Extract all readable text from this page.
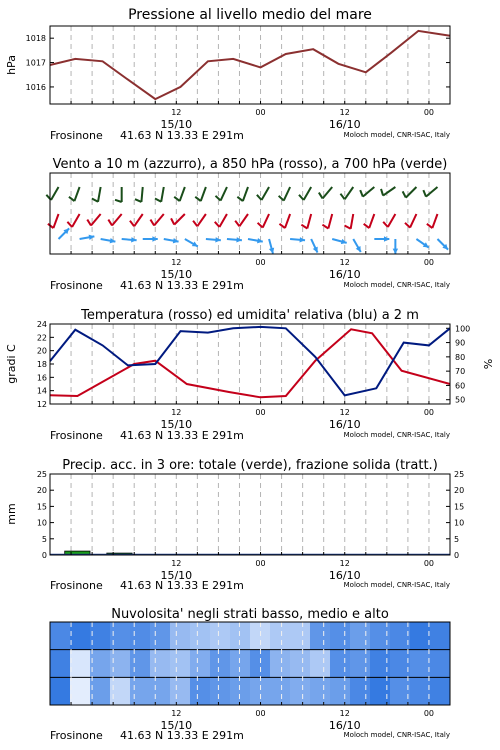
Pressione al livello medio del mare
hPa
1016
1017
1018
12	00	12	00
15/10	16/10
Frosinone 41.63 N 13.33 E 291m	Moloch model, CNR-ISAC, Italy
Vento a 10 m (azzurro), a 850 hPa (rosso), a 700 hPa (verde)
12	00	12	00
15/10	16/10
Frosinone 41.63 N 13.33 E 291m	Moloch model, CNR-ISAC, Italy
Temperatura (rosso) ed umidita' relativa (blu) a 2 m
gradi C	%
12
14
16
18
20
22
24
50
60
70
80
90
100
12	00	12	00
15/10	16/10
Frosinone 41.63 N 13.33 E 291m	Moloch model, CNR-ISAC, Italy
Precip. acc. in 3 ore: totale (verde), frazione solida (tratt.)
mm
0	0
5	5
10	10
15	15
20	20
25	25
12	00	12	00
15/10	16/10
Frosinone 41.63 N 13.33 E 291m	Moloch model, CNR-ISAC, Italy
Nuvolosita' negli strati basso, medio e alto
12	00	12	00
15/10	16/10
Frosinone 41.63 N 13.33 E 291m	Moloch model, CNR-ISAC, Italy
